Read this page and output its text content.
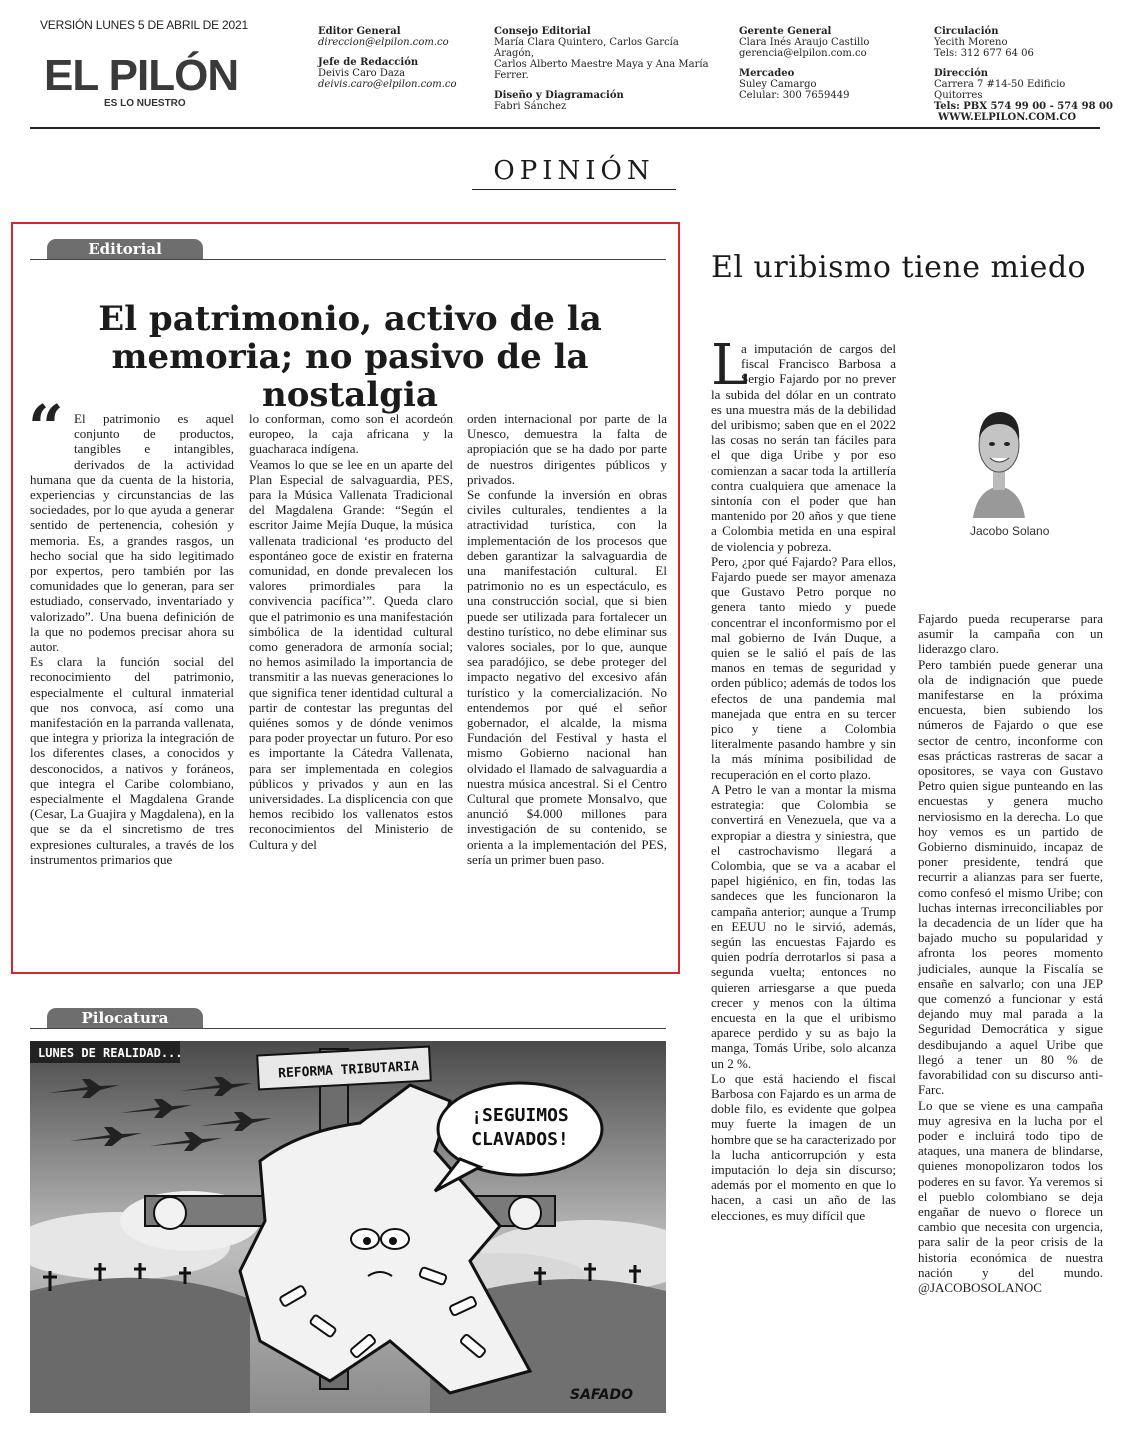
VERSIÓN LUNES 5 DE ABRIL DE 2021
EL PILÓN
ES LO NUESTRO
Editor General
direccion@elpilon.com.co
Jefe de Redacción
Deivis Caro Daza
deivis.caro@elpilon.com.co
Consejo Editorial
María Clara Quintero, Carlos García Aragón,
Carlos Alberto Maestre Maya y Ana María
Ferrer.
Diseño y Diagramación
Fabri Sánchez
Gerente General
Clara Inés Araujo Castillo
gerencia@elpilon.com.co
Mercadeo
Suley Camargo
Celular: 300 7659449
Circulación
Yecith Moreno
Tels: 312 677 64 06
Dirección
Carrera 7 #14-50 Edificio Quitorres
Tels: PBX 574 99 00 - 574 98 00
WWW.ELPILON.COM.CO
OPINIÓN
Editorial
El patrimonio, activo de la memoria; no pasivo de la nostalgia
“ El patrimonio es aquel conjunto de productos, tangibles e intangibles, derivados de la actividad humana que da cuenta de la historia, experiencias y circunstancias de las sociedades, por lo que ayuda a generar sentido de pertenencia, cohesión y memoria. Es, a grandes rasgos, un hecho social que ha sido legitimado por expertos, pero también por las comunidades que lo generan, para ser estudiado, conservado, inventariado y valorizado”. Una buena definición de la que no podemos precisar ahora su autor.

Es clara la función social del reconocimiento del patrimonio, especialmente el cultural inmaterial que nos convoca, así como una manifestación en la parranda vallenata, que integra y prioriza la integración de los diferentes clases, a conocidos y desconocidos, a nativos y foráneos, que integra el Caribe colombiano, especialmente el Magdalena Grande (Cesar, La Guajira y Magdalena), en la que se da el sincretismo de tres expresiones culturales, a través de los instrumentos primarios que

lo conforman, como son el acordeón europeo, la caja africana y la guacharaca indígena.

Veamos lo que se lee en un aparte del Plan Especial de salvaguardia, PES, para la Música Vallenata Tradicional del Magdalena Grande: “Según el escritor Jaime Mejía Duque, la música vallenata tradicional ‘es producto del espontáneo goce de existir en fraterna comunidad, en donde prevalecen los valores primordiales para la convivencia pacífica’”. Queda claro que el patrimonio es una manifestación simbólica de la identidad cultural como generadora de armonía social; no hemos asimilado la importancia de transmitir a las nuevas generaciones lo que significa tener identidad cultural a partir de contestar las preguntas del quiénes somos y de dónde venimos para poder proyectar un futuro. Por eso es importante la Cátedra Vallenata, para ser implementada en colegios públicos y privados y aun en las universidades. La displicencia con que hemos recibido los vallenatos estos reconocimientos del Ministerio de Cultura y del

orden internacional por parte de la Unesco, demuestra la falta de apropiación que se ha dado por parte de nuestros dirigentes públicos y privados.

Se confunde la inversión en obras civiles culturales, tendientes a la atractividad turística, con la implementación de los procesos que deben garantizar la salvaguardia de una manifestación cultural. El patrimonio no es un espectáculo, es una construcción social, que si bien puede ser utilizada para fortalecer un destino turístico, no debe eliminar sus valores sociales, por lo que, aunque sea paradójico, se debe proteger del impacto negativo del excesivo afán turístico y la comercialización. No entendemos por qué el señor gobernador, el alcalde, la misma Fundación del Festival y hasta el mismo Gobierno nacional han olvidado el llamado de salvaguardia a nuestra música ancestral. Si el Centro Cultural que promete Monsalvo, que anunció $4.000 millones para investigación de su contenido, se orienta a la implementación del PES, sería un primer buen paso.

Pilocatura
LUNES DE REALIDAD...
REFORMA TRIBUTARIA
¡SEGUIMOS
CLAVADOS!
SAFADO
El uribismo tiene miedo
Jacobo Solano
L

a imputación de cargos del fiscal Francisco Barbosa a Sergio Fajardo por no prever la subida del dólar en un contrato es una muestra más de la debilidad del uribismo; saben que en el 2022 las cosas no serán tan fáciles para el que diga Uribe y por eso comienzan a sacar toda la artillería contra cualquiera que amenace la sintonía con el poder que han mantenido por 20 años y que tiene a Colombia metida en una espiral de violencia y pobreza.

Pero, ¿por qué Fajardo? Para ellos, Fajardo puede ser mayor amenaza que Gustavo Petro porque no genera tanto miedo y puede concentrar el inconformismo por el mal gobierno de Iván Duque, a quien se le salió el país de las manos en temas de seguridad y orden público; además de todos los efectos de una pandemia mal manejada que entra en su tercer pico y tiene a Colombia literalmente pasando hambre y sin la más mínima posibilidad de recuperación en el corto plazo.

A Petro le van a montar la misma estrategia: que Colombia se convertirá en Venezuela, que va a expropiar a diestra y siniestra, que el castrochavismo llegará a Colombia, que se va a acabar el papel higiénico, en fin, todas las sandeces que les funcionaron la campaña anterior; aunque a Trump en EEUU no le sirvió, además, según las encuestas Fajardo es quien podría derrotarlos si pasa a segunda vuelta; entonces no quieren arriesgarse a que pueda crecer y menos con la última encuesta en la que el uribismo aparece perdido y su as bajo la manga, Tomás Uribe, solo alcanza un 2 %.

Lo que está haciendo el fiscal Barbosa con Fajardo es un arma de doble filo, es evidente que golpea muy fuerte la imagen de un hombre que se ha caracterizado por la lucha anticorrupción y esta imputación lo deja sin discurso; además por el momento en que lo hacen, a casi un año de las elecciones, es muy difícil que

Fajardo pueda recuperarse para asumir la campaña con un liderazgo claro.

Pero también puede generar una ola de indignación que puede manifestarse en la próxima encuesta, bien subiendo los números de Fajardo o que ese sector de centro, inconforme con esas prácticas rastreras de sacar a opositores, se vaya con Gustavo Petro quien sigue punteando en las encuestas y genera mucho nerviosismo en la derecha. Lo que hoy vemos es un partido de Gobierno disminuido, incapaz de poner presidente, tendrá que recurrir a alianzas para ser fuerte, como confesó el mismo Uribe; con luchas internas irreconciliables por la decadencia de un líder que ha bajado mucho su popularidad y afronta los peores momento judiciales, aunque la Fiscalía se ensañe en salvarlo; con una JEP que comenzó a funcionar y está dejando muy mal parada a la Seguridad Democrática y sigue desdibujando a aquel Uribe que llegó a tener un 80 % de favorabilidad con su discurso anti-Farc.

Lo que se viene es una campaña muy agresiva en la lucha por el poder e incluirá todo tipo de ataques, una manera de blindarse, quienes monopolizaron todos los poderes en su favor. Ya veremos si el pueblo colombiano se deja engañar de nuevo o florece un cambio que necesita con urgencia, para salir de la peor crisis de la historia económica de nuestra nación y del mundo. @JACOBOSOLANOC
